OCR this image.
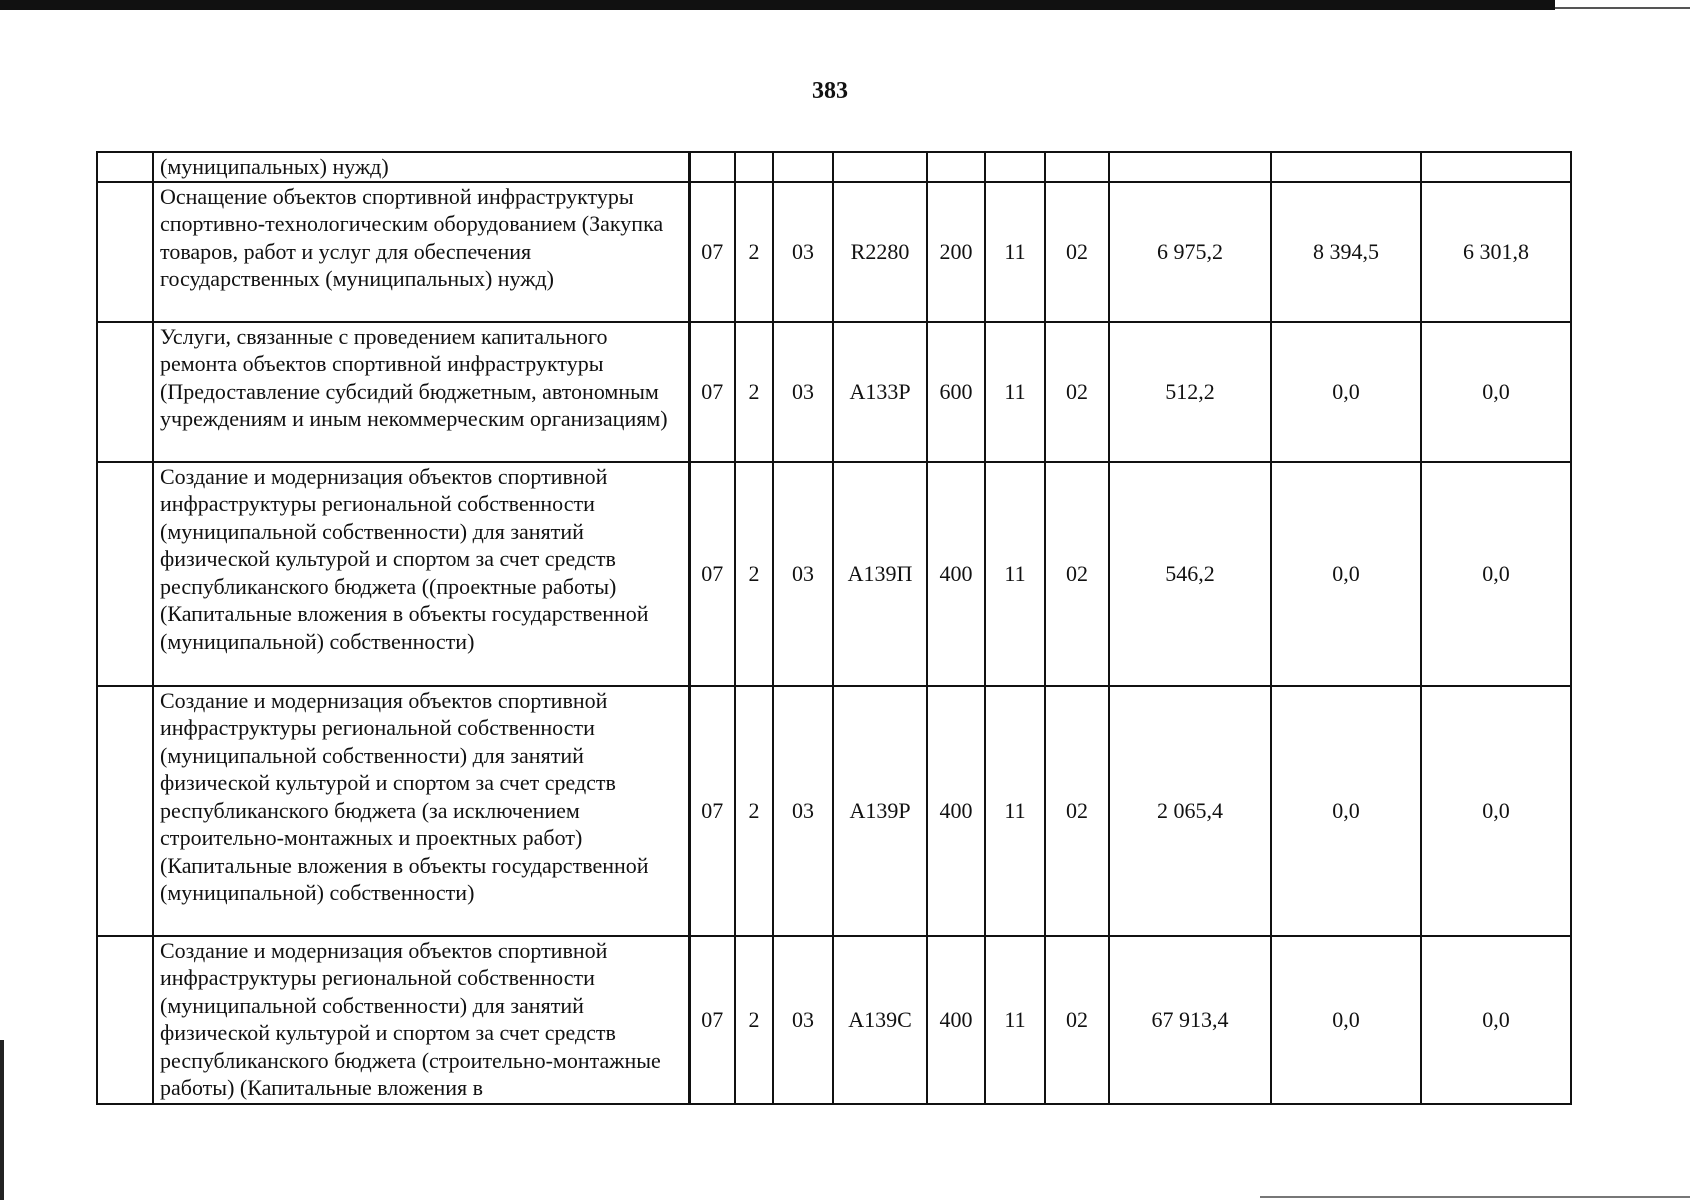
383
	(муниципальных) нужд)										
	Оснащение объектов спортивной инфраструктуры спортивно-технологическим оборудованием (Закупка товаров, работ и услуг для обеспечения государственных (муниципальных) нужд)	07	2	03	R2280	200	11	02	6 975,2	8 394,5	6 301,8
	Услуги, связанные с проведением капитального ремонта объектов спортивной инфраструктуры (Предоставление субсидий бюджетным, автономным учреждениям и иным некоммерческим организациям)	07	2	03	А133Р	600	11	02	512,2	0,0	0,0
	Создание и модернизация объектов спортивной инфраструктуры региональной собственности (муниципальной собственности) для занятий физической культурой и спортом за счет средств республиканского бюджета ((проектные работы) (Капитальные вложения в объекты государственной (муниципальной) собственности)	07	2	03	А139П	400	11	02	546,2	0,0	0,0
	Создание и модернизация объектов спортивной инфраструктуры региональной собственности (муниципальной собственности) для занятий физической культурой и спортом за счет средств республиканского бюджета (за исключением строительно-монтажных и проектных работ) (Капитальные вложения в объекты государственной (муниципальной) собственности)	07	2	03	А139Р	400	11	02	2 065,4	0,0	0,0
	Создание и модернизация объектов спортивной инфраструктуры региональной собственности (муниципальной собственности) для занятий физической культурой и спортом за счет средств республиканского бюджета (строительно-монтажные работы) (Капитальные вложения в	07	2	03	А139С	400	11	02	67 913,4	0,0	0,0
